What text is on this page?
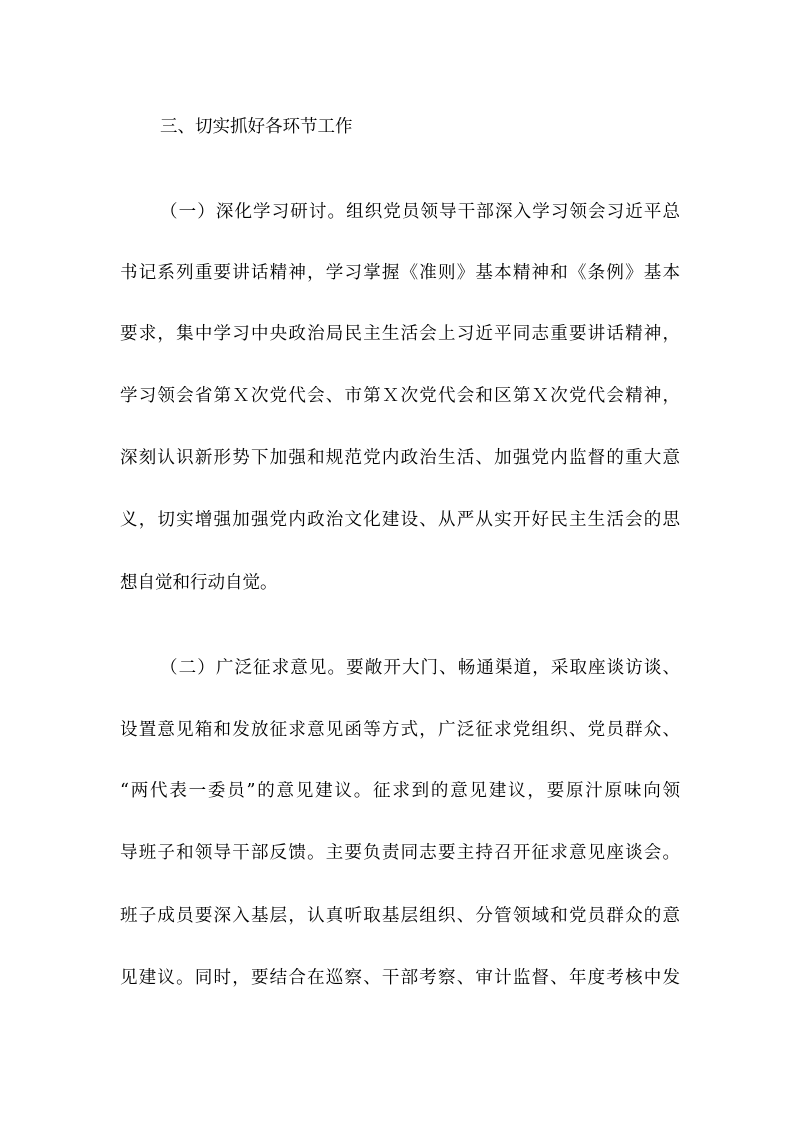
三、切实抓好各环节工作
（一）深化学习研讨。组织党员领导干部深入学习领会习近平总
书记系列重要讲话精神，学习掌握《准则》基本精神和《条例》基本
要求，集中学习中央政治局民主生活会上习近平同志重要讲话精神，
学习领会省第Ｘ次党代会、市第Ｘ次党代会和区第Ｘ次党代会精神，
深刻认识新形势下加强和规范党内政治生活、加强党内监督的重大意
义，切实增强加强党内政治文化建设、从严从实开好民主生活会的思
想自觉和行动自觉。
（二）广泛征求意见。要敞开大门、畅通渠道，采取座谈访谈、
设置意见箱和发放征求意见函等方式，广泛征求党组织、党员群众、
“两代表一委员”的意见建议。征求到的意见建议，要原汁原味向领
导班子和领导干部反馈。主要负责同志要主持召开征求意见座谈会。
班子成员要深入基层，认真听取基层组织、分管领域和党员群众的意
见建议。同时，要结合在巡察、干部考察、审计监督、年度考核中发
